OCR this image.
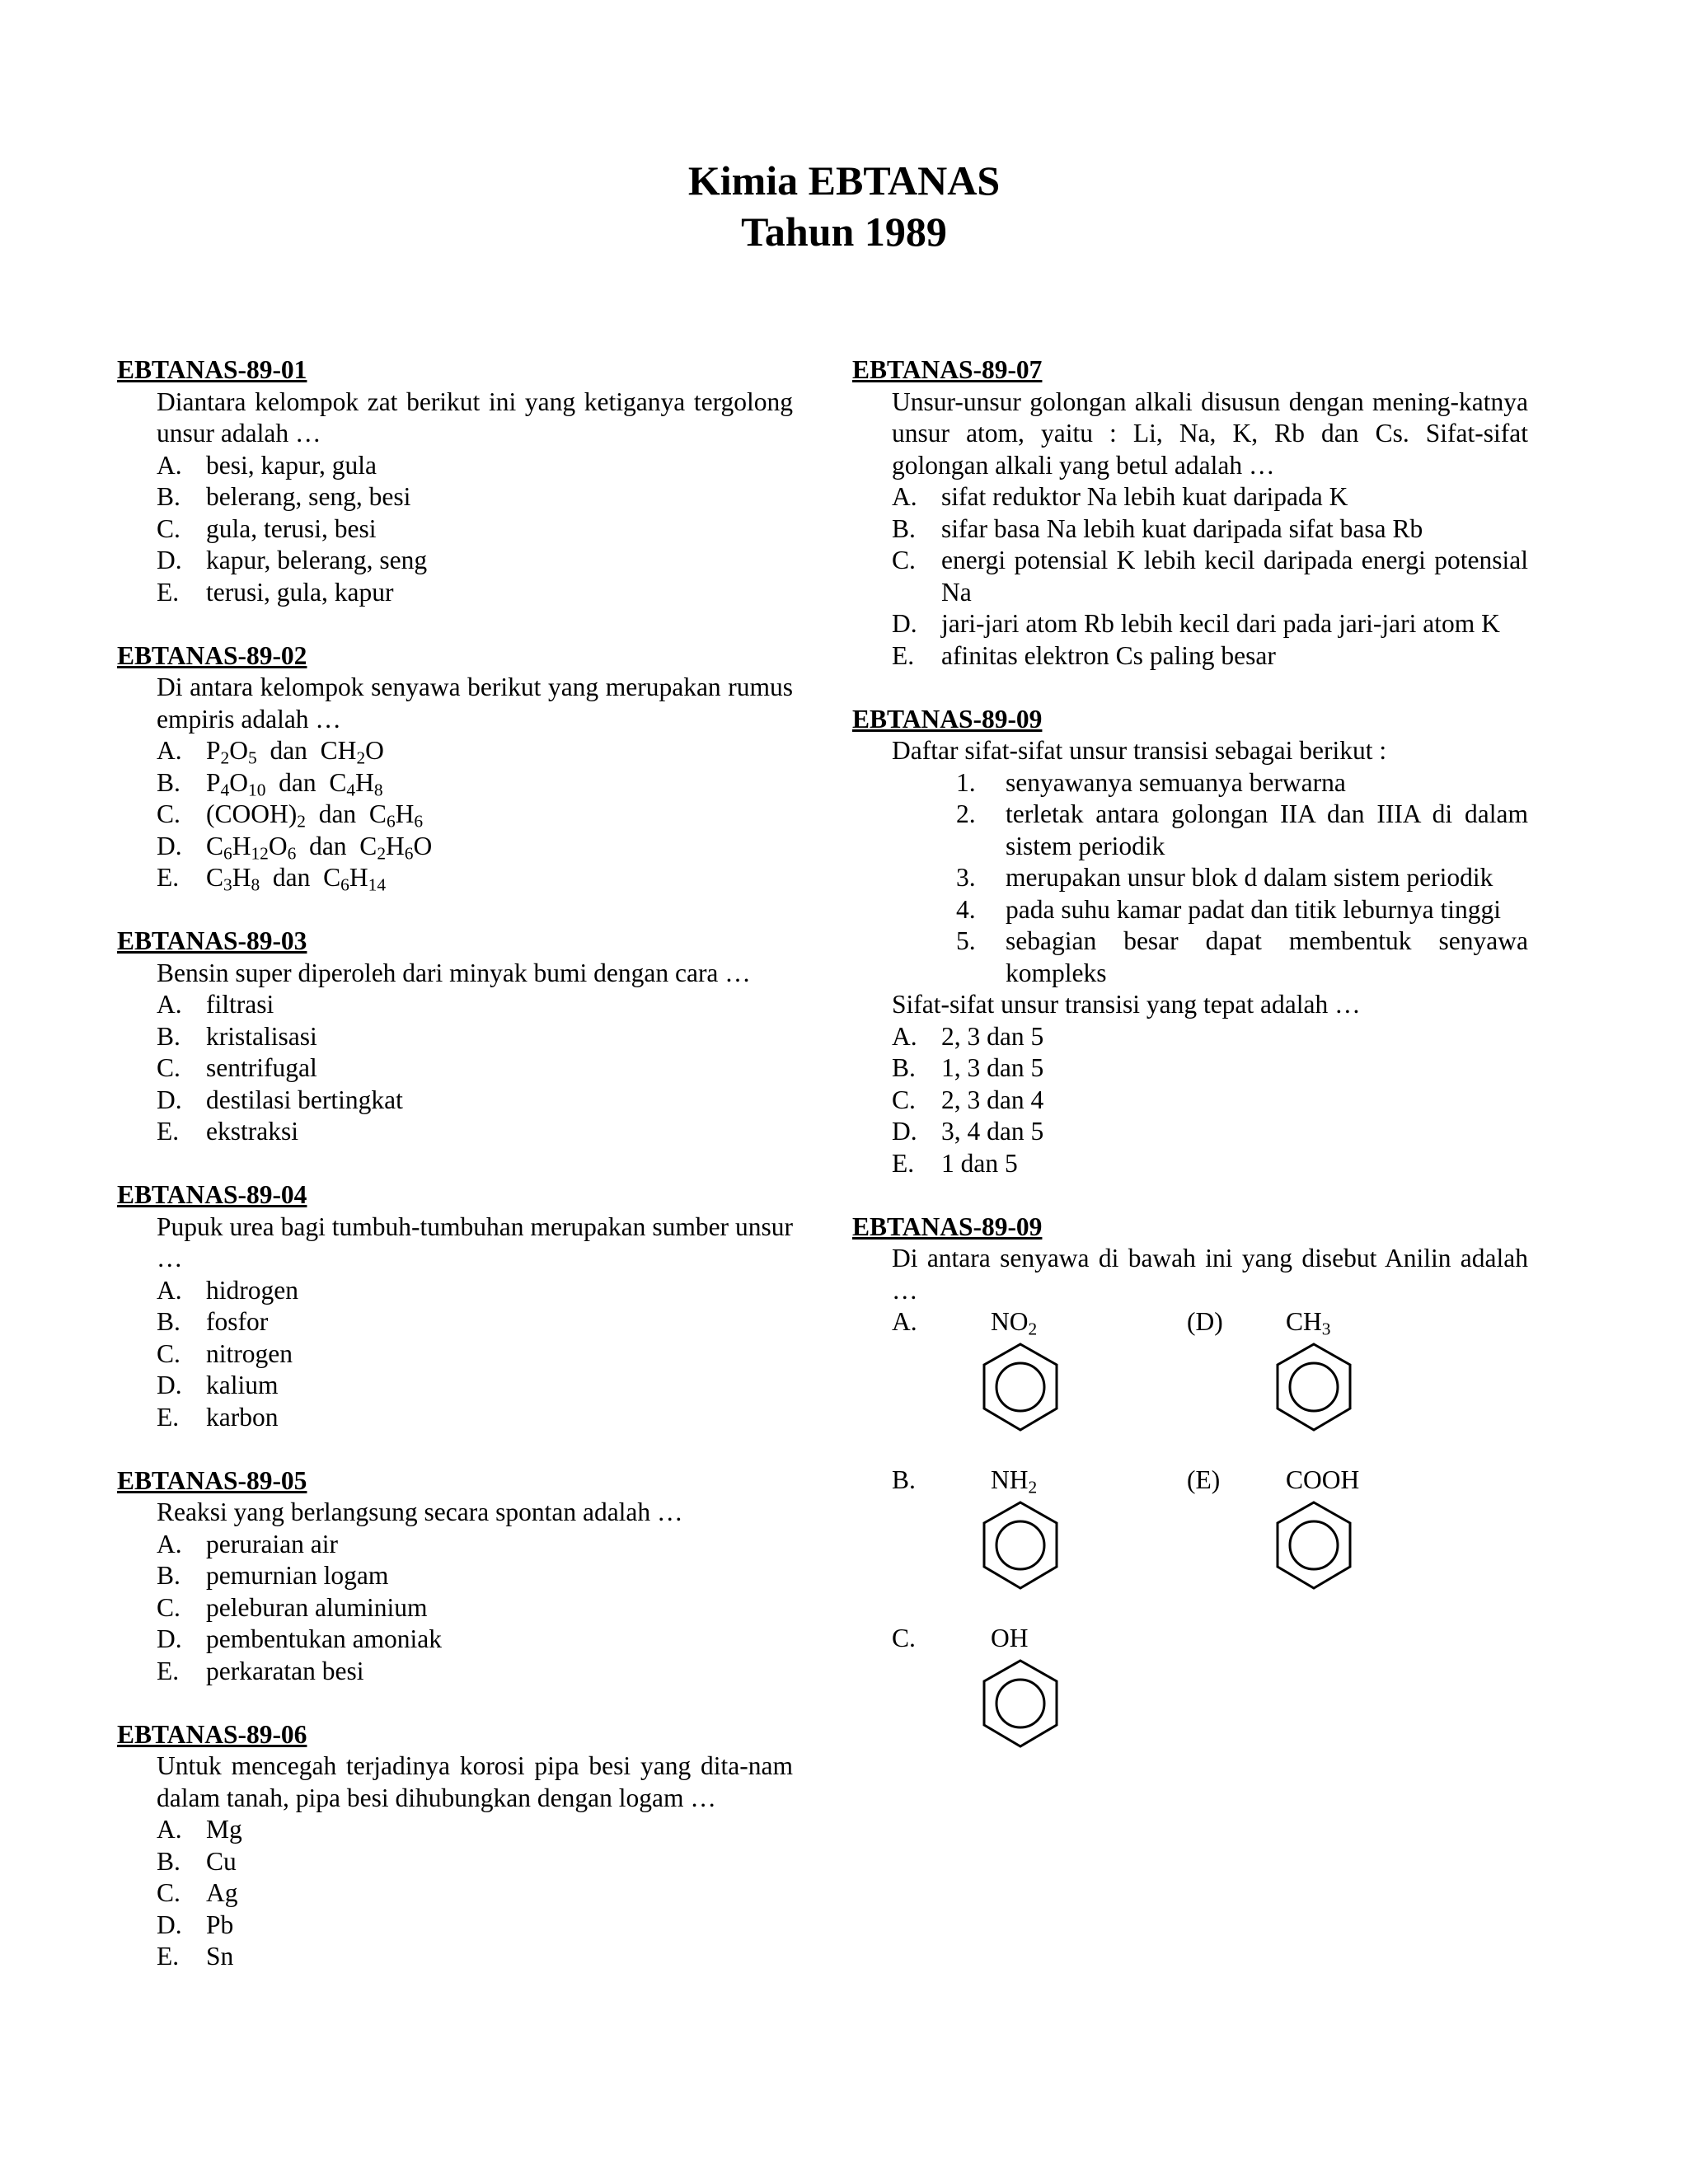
Kimia EBTANAS
Tahun 1989
EBTANAS-89-01
Diantara kelompok zat berikut ini yang ketiganya tergolong unsur adalah …
A. besi, kapur, gula
B. belerang, seng, besi
C. gula, terusi, besi
D. kapur, belerang, seng
E.	terusi, gula, kapur
EBTANAS-89-02
Di antara kelompok senyawa berikut yang merupakan rumus empiris adalah …
A. $P_2O_5$  dan  $CH_2O$
B. $P_4O_{10}$  dan  $C_4H_8$
C. $(COOH)_2$  dan  $C_6H_6$
D. $C_6H_{12}O_6$  dan  $C_2H_6O$
E.	$C_3H_8$  dan  $C_6H_{14}$
EBTANAS-89-03
Bensin super diperoleh dari minyak bumi dengan cara …
A. filtrasi
B. kristalisasi
C. sentrifugal
D. destilasi bertingkat
E.	ekstraksi
EBTANAS-89-04
Pupuk urea bagi tumbuh-tumbuhan merupakan sumber unsur …
A. hidrogen
B. fosfor
C. nitrogen
D. kalium
E.	karbon
EBTANAS-89-05
Reaksi yang berlangsung secara spontan adalah …
A. peruraian air
B. pemurnian logam
C. peleburan aluminium
D. pembentukan amoniak
E.	perkaratan besi
EBTANAS-89-06
Untuk mencegah terjadinya korosi pipa besi yang dita-nam dalam tanah, pipa besi dihubungkan dengan logam …
A. Mg
B. Cu
C. Ag
D. Pb
E.	Sn
EBTANAS-89-07
Unsur-unsur golongan alkali disusun dengan mening-katnya unsur atom, yaitu : Li, Na, K, Rb dan Cs. Sifat-sifat golongan alkali yang betul adalah …
A. sifat reduktor Na lebih kuat daripada K
B. sifar basa Na lebih kuat daripada sifat basa Rb
C. energi potensial K lebih kecil daripada energi potensial Na
D. jari-jari atom Rb lebih kecil dari pada jari-jari atom K
E.	afinitas elektron Cs paling besar
EBTANAS-89-09
Daftar sifat-sifat unsur transisi sebagai berikut :
1.	senyawanya semuanya berwarna
2.	terletak antara golongan IIA dan IIIA di dalam sistem periodik
3.	merupakan unsur blok d dalam sistem periodik
4.	pada suhu kamar padat dan titik leburnya tinggi
5.	sebagian besar dapat membentuk senyawa kompleks
Sifat-sifat unsur transisi yang tepat adalah …
A. 2, 3 dan 5
B. 1, 3 dan 5
C. 2, 3 dan 4
D. 3, 4 dan 5
E.	1 dan 5
EBTANAS-89-09
Di antara senyawa di bawah ini yang disebut Anilin adalah …
A.	$NO_2$	(D) $CH_3$
B.	$NH_2$	(E)	COOH
C.	OH
